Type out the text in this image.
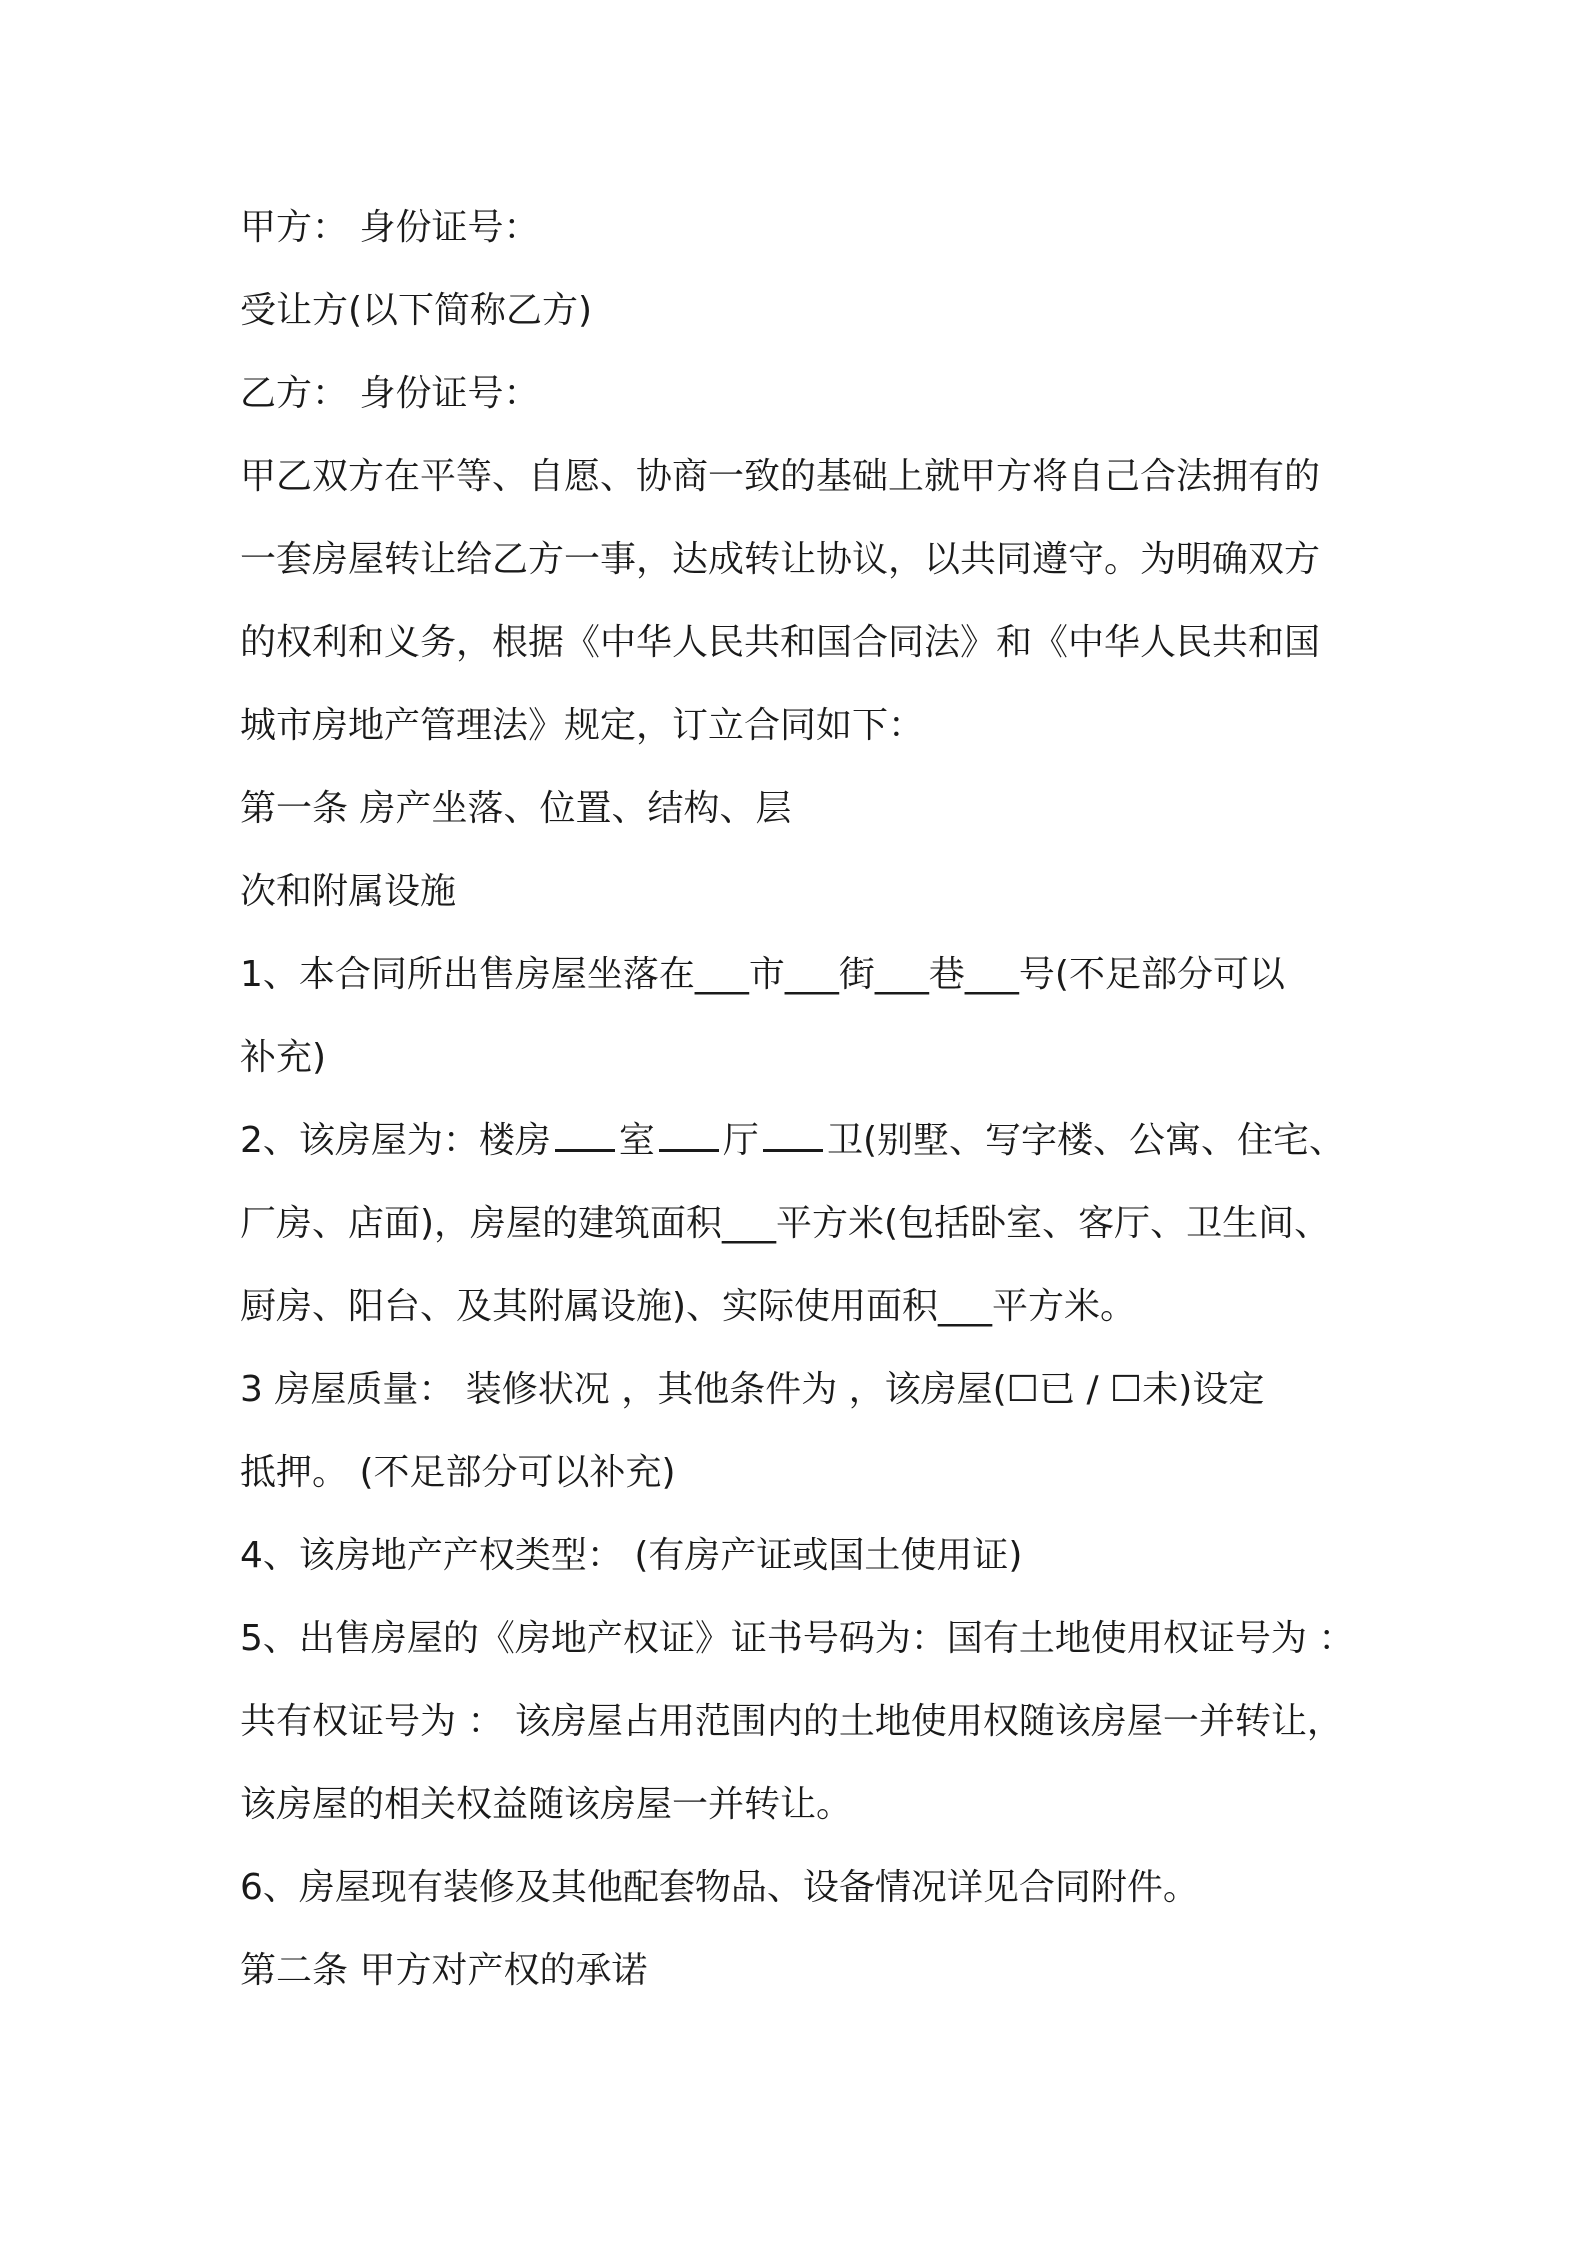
甲方： 身份证号：
受让方(以下简称乙方)
乙方： 身份证号：
甲乙双方在平等、自愿、协商一致的基础上就甲方将自己合法拥有的
一套房屋转让给乙方一事，达成转让协议，以共同遵守。为明确双方
的权利和义务，根据《中华人民共和国合同法》和《中华人民共和国
城市房地产管理法》规定，订立合同如下：
第一条 房产坐落、位置、结构、层
次和附属设施
1、本合同所出售房屋坐落在___市___街___巷___号(不足部分可以
补充)
2、该房屋为：楼房 室 厅 卫(别墅、写字楼、公寓、住宅、
厂房、店面)，房屋的建筑面积___平方米(包括卧室、客厅、卫生间、
厨房、阳台、及其附属设施)、实际使用面积___平方米。
3 房屋质量： 装修状况 ，其他条件为 ，该房屋(☐已 / ☐未)设定
抵押。 (不足部分可以补充)
4、该房地产产权类型： (有房产证或国土使用证)
5、出售房屋的《房地产权证》证书号码为：国有土地使用权证号为 ：
共有权证号为 ： 该房屋占用范围内的土地使用权随该房屋一并转让，
该房屋的相关权益随该房屋一并转让。
6、房屋现有装修及其他配套物品、设备情况详见合同附件。
第二条 甲方对产权的承诺
